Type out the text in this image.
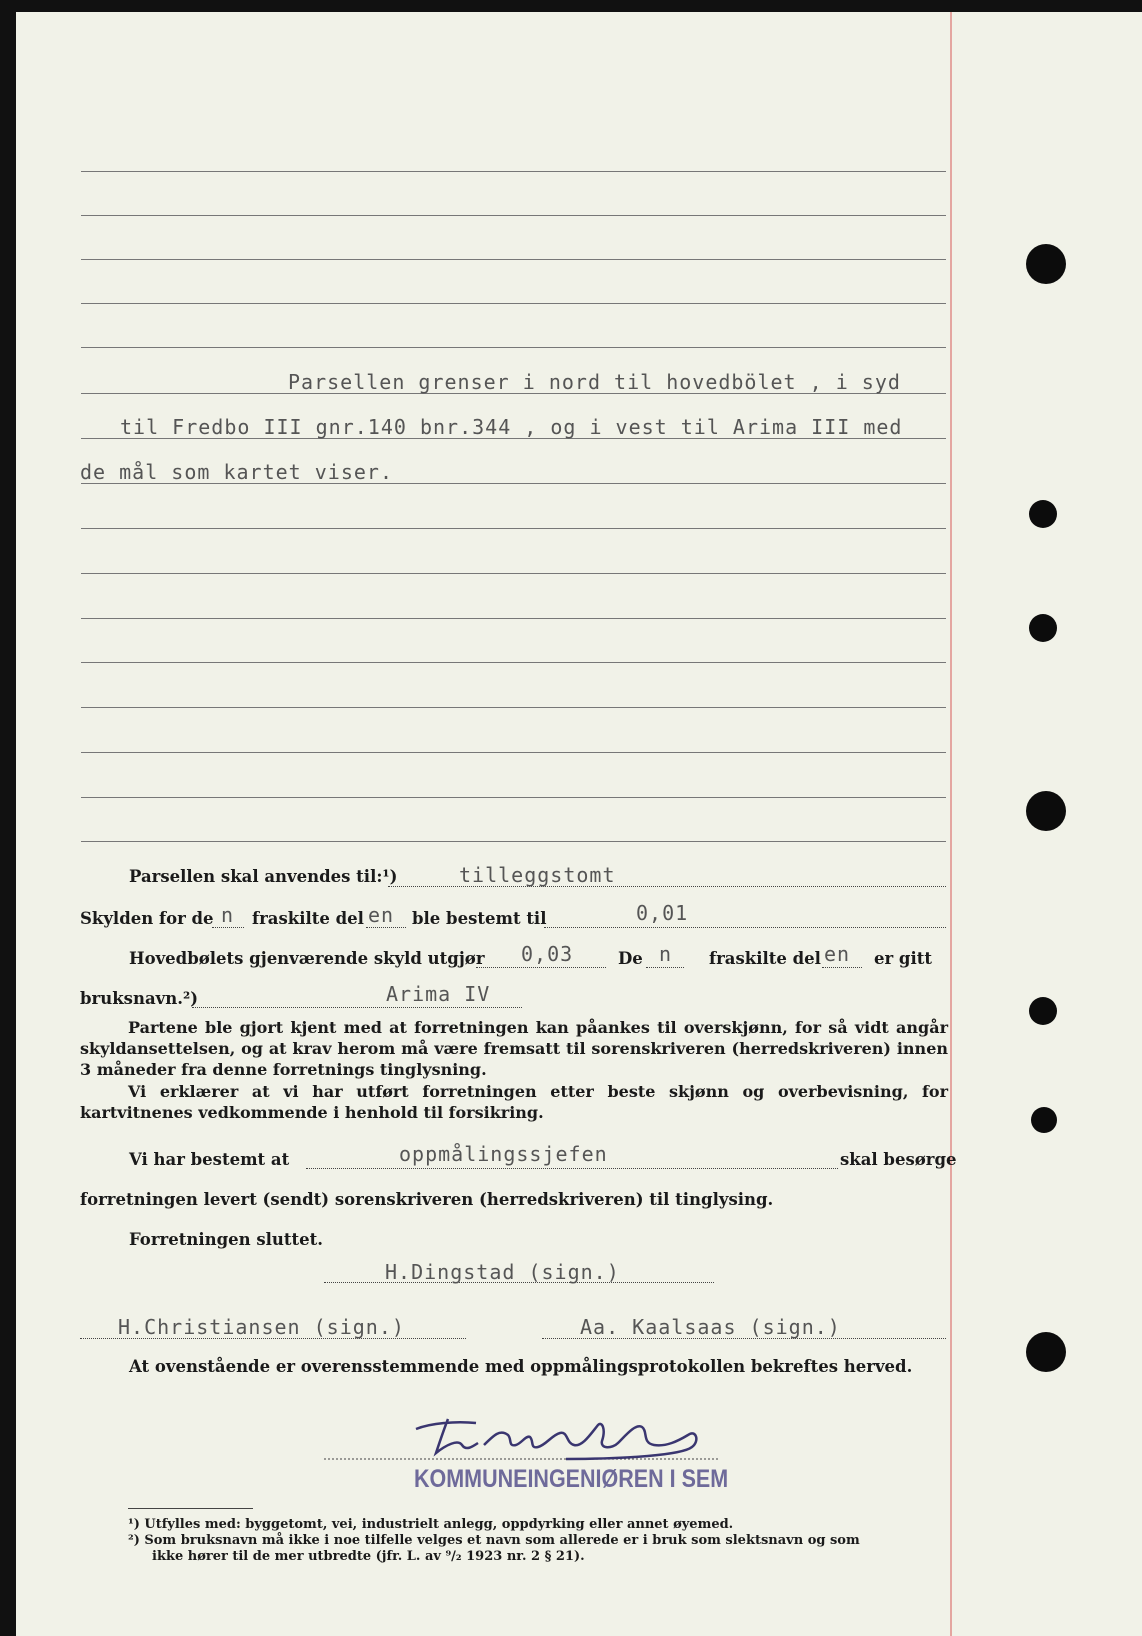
Parsellen grenser i nord til hovedbölet , i syd
til Fredbo III gnr.140 bnr.344 , og i vest til Arima III med
de mål som kartet viser.
Parsellen skal anvendes til:¹)	tilleggstomt
Skylden for de n fraskilte del en ble bestemt til	0,01
Hovedbølets gjenværende skyld utgjør 0,03	De n fraskilte del en er gitt
bruksnavn.²)	Arima IV
Partene ble gjort kjent med at forretningen kan påankes til overskjønn, for så vidt angår skyldansettelsen, og at krav herom må være fremsatt til sorenskriveren (herredskriveren) innen 3 måneder fra denne forretnings tinglysning.
Vi erklærer at vi har utført forretningen etter beste skjønn og overbevisning, for kartvitnenes vedkommende i henhold til forsikring.
Vi har bestemt at	oppmålingssjefen	skal besørge
forretningen levert (sendt) sorenskriveren (herredskriveren) til tinglysing.
Forretningen sluttet.
H.Dingstad (sign.)
H.Christiansen (sign.)	Aa. Kaalsaas (sign.)
At ovenstående er overensstemmende med oppmålingsprotokollen bekreftes herved.
KOMMUNEINGENIØREN I SEM
¹) Utfylles med: byggetomt, vei, industrielt anlegg, oppdyrking eller annet øyemed.
²) Som bruksnavn må ikke i noe tilfelle velges et navn som allerede er i bruk som slektsnavn og som
ikke hører til de mer utbredte (jfr. L. av ⁹/₂ 1923 nr. 2 § 21).
